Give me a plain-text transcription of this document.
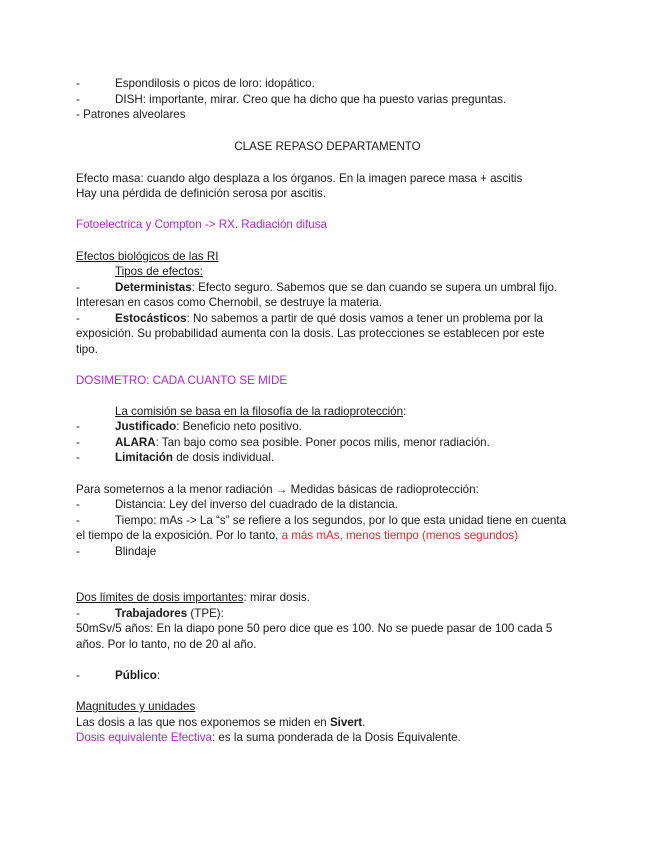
-	Espondilosis o picos de loro: idopático.
-	DISH: importante, mirar. Creo que ha dicho que ha puesto varias preguntas.
- Patrones alveolares
CLASE REPASO DEPARTAMENTO
Efecto masa: cuando algo desplaza a los órganos. En la imagen parece masa + ascitis
Hay una pérdida de definición serosa por ascitis.
Fotoelectrica y Compton -> RX. Radiación difusa
Efectos biológicos de las RI
Tipos de efectos:
-	Deterministas: Efecto seguro. Sabemos que se dan cuando se supera un umbral fijo.
Interesan en casos como Chernobil, se destruye la materia.
-	Estocásticos: No sabemos a partir de qué dosis vamos a tener un problema por la
exposición. Su probabilidad aumenta con la dosis. Las protecciones se establecen por este
tipo.
DOSIMETRO: CADA CUANTO SE MIDE
La comisión se basa en la filosofía de la radioprotección:
-	Justificado: Beneficio neto positivo.
-	ALARA: Tan bajo como sea posible. Poner pocos milis, menor radiación.
-	Limitación de dosis individual.
Para someternos a la menor radiación → Medidas básicas de radioprotección:
-	Distancia: Ley del inverso del cuadrado de la distancia.
-	Tiempo: mAs -> La “s” se refiere a los segundos, por lo que esta unidad tiene en cuenta
el tiempo de la exposición. Por lo tanto, a más mAs, menos tiempo (menos segundos)
-	Blindaje
Dos límites de dosis importantes: mirar dosis.
-	Trabajadores (TPE):
50mSv/5 años: En la diapo pone 50 pero dice que es 100. No se puede pasar de 100 cada 5
años. Por lo tanto, no de 20 al año.
-	Público:
Magnitudes y unidades
Las dosis a las que nos exponemos se miden en Sivert.
Dosis equivalente Efectiva: es la suma ponderada de la Dosis Equivalente.
